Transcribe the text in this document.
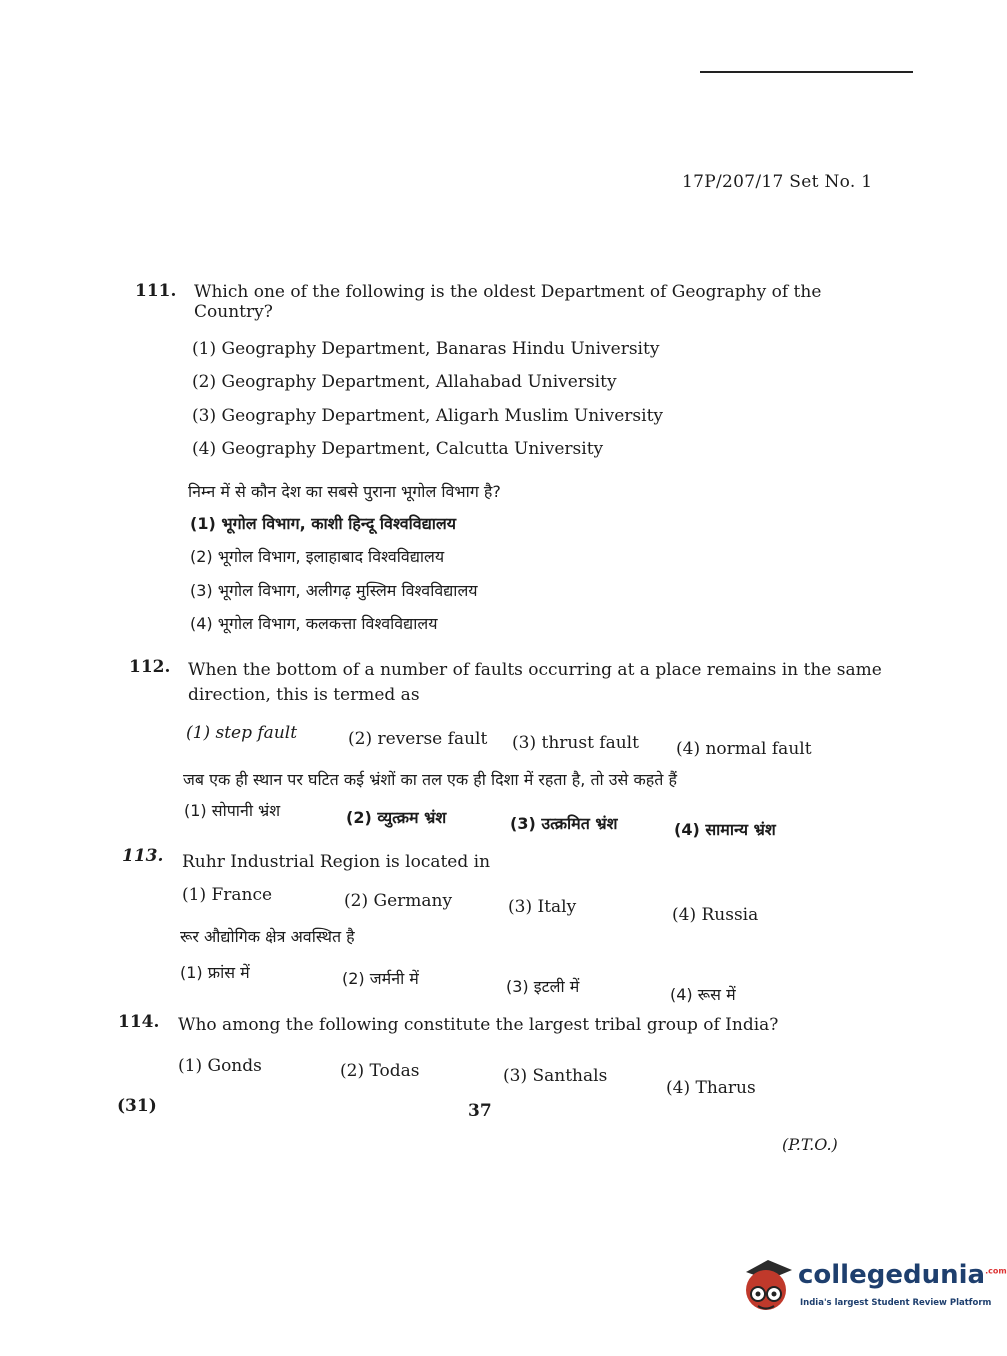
17P/207/17 Set No. 1
111. Which one of the following is the oldest Department of Geography of the
Country?
(1) Geography Department, Banaras Hindu University
(2) Geography Department, Allahabad University
(3) Geography Department, Aligarh Muslim University
(4) Geography Department, Calcutta University
निम्न में से कौन देश का सबसे पुराना भूगोल विभाग है?
(1) भूगोल विभाग, काशी हिन्दू विश्वविद्यालय
(2) भूगोल विभाग, इलाहाबाद विश्वविद्यालय
(3) भूगोल विभाग, अलीगढ़ मुस्लिम विश्वविद्यालय
(4) भूगोल विभाग, कलकत्ता विश्वविद्यालय
112. When the bottom of a number of faults occurring at a place remains in the same
direction, this is termed as
(1) step fault	(2) reverse fault (3) thrust fault (4) normal fault
जब एक ही स्थान पर घटित कई भ्रंशों का तल एक ही दिशा में रहता है, तो उसे कहते हैं
(1) सोपानी भ्रंश	(2) व्युत्क्रम भ्रंश	(3) उत्क्रमित भ्रंश	(4) सामान्य भ्रंश
113. Ruhr Industrial Region is located in
(1) France	(2) Germany	(3) Italy	(4) Russia
रूर औद्योगिक क्षेत्र अवस्थित है
(1) फ्रांस में	(2) जर्मनी में	(3) इटली में	(4) रूस में
114. Who among the following constitute the largest tribal group of India?
(1) Gonds	(2) Todas	(3) Santhals
(4) Tharus
(31)	37
(P.T.O.)
collegedunia$^{.com}$
India's largest Student Review Platform
